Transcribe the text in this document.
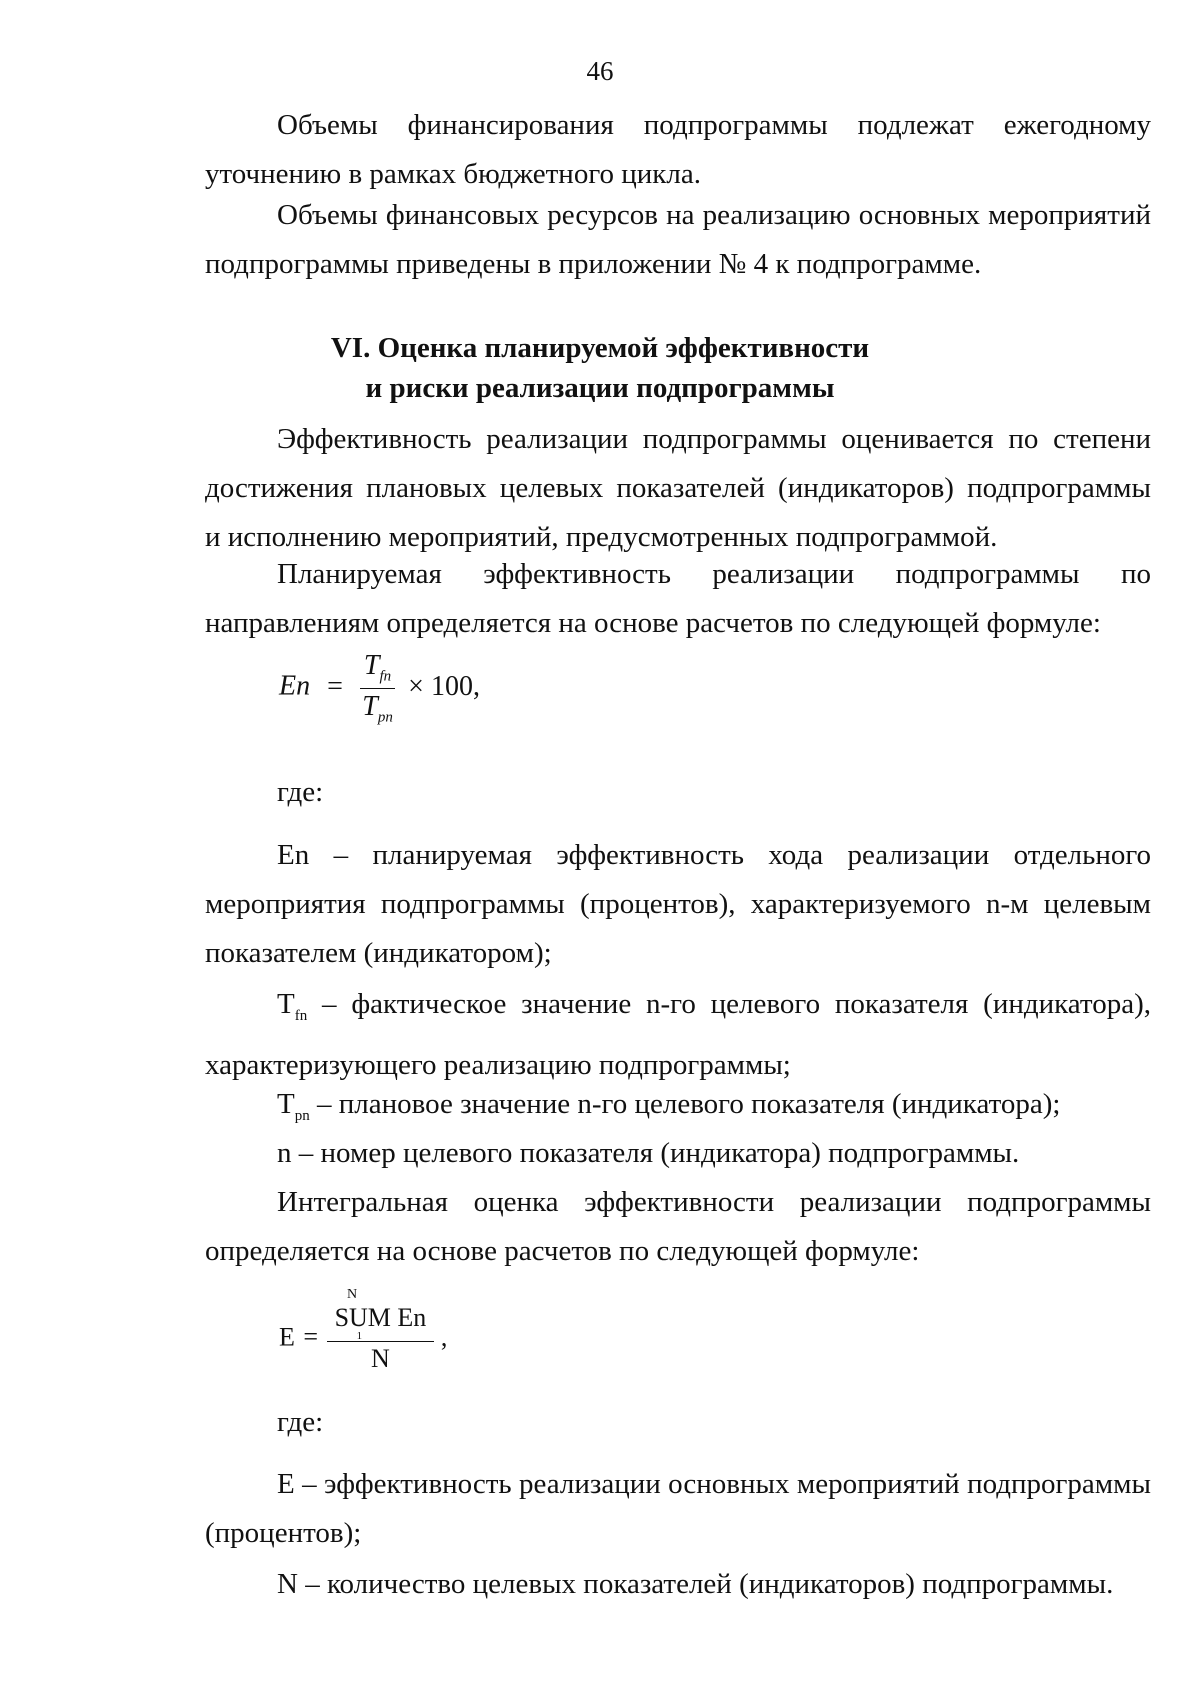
46
Объемы финансирования подпрограммы подлежат ежегодному
уточнению в рамках бюджетного цикла.
Объемы финансовых ресурсов на реализацию основных мероприятий
подпрограммы приведены в приложении № 4 к подпрограмме.
VI. Оценка планируемой эффективности
и риски реализации подпрограммы
Эффективность реализации подпрограммы оценивается по степени
достижения плановых целевых показателей (индикаторов) подпрограммы
и исполнению мероприятий, предусмотренных подпрограммой.
Планируемая эффективность реализации подпрограммы по
направлениям определяется на основе расчетов по следующей формуле:
$En = \frac{T_{fn}}{T_{pn}} \times 100$,
где:
En – планируемая эффективность хода реализации отдельного
мероприятия подпрограммы (процентов), характеризуемого n-м целевым
показателем (индикатором);
$T_{fn}$ – фактическое значение n-го целевого показателя (индикатора),
характеризующего реализацию подпрограммы;
$T_{pn}$ – плановое значение n-го целевого показателя (индикатора);
n – номер целевого показателя (индикатора) подпрограммы.
Интегральная оценка эффективности реализации подпрограммы
определяется на основе расчетов по следующей формуле:
N
E = SUM En
1
N ,
где:
E – эффективность реализации основных мероприятий подпрограммы
(процентов);
N – количество целевых показателей (индикаторов) подпрограммы.
